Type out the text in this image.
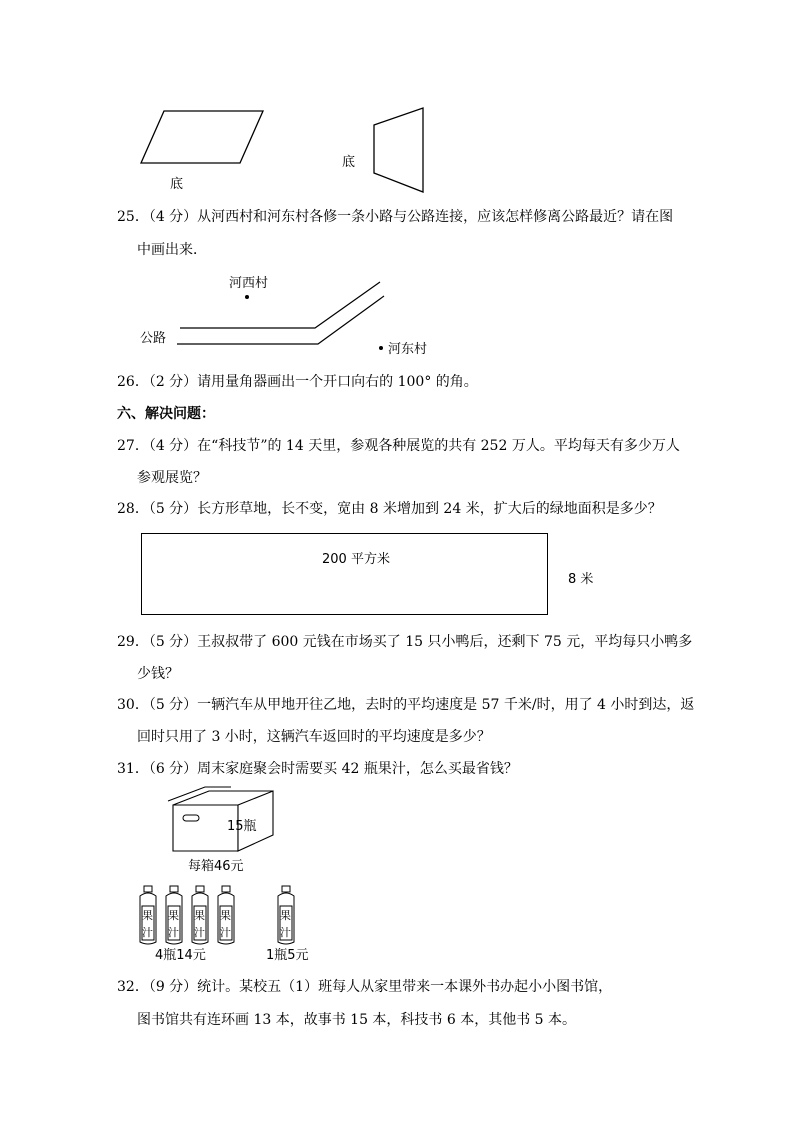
底
底
25．（4 分）从河西村和河东村各修一条小路与公路连接，应该怎样修离公路最近？请在图
中画出来．
河西村
河东村
公路
26．（2 分）请用量角器画出一个开口向右的 100° 的角。
六、解决问题：
27．（4 分）在“科技节”的 14 天里，参观各种展览的共有 252 万人。平均每天有多少万人
参观展览？
28．（5 分）长方形草地，长不变，宽由 8 米增加到 24 米，扩大后的绿地面积是多少？
200 平方米
8 米
29．（5 分）王叔叔带了 600 元钱在市场买了 15 只小鸭后，还剩下 75 元，平均每只小鸭多
少钱？
30．（5 分）一辆汽车从甲地开往乙地，去时的平均速度是 57 千米/时，用了 4 小时到达，返
回时只用了 3 小时，这辆汽车返回时的平均速度是多少？
31．（6 分）周末家庭聚会时需要买 42 瓶果汁，怎么买最省钱？
15瓶
每箱46元
果
汁
果
汁
果
汁
果
汁
果
汁
4瓶14元	1瓶5元
32．（9 分）统计。某校五（1）班每人从家里带来一本课外书办起小小图书馆，
图书馆共有连环画 13 本，故事书 15 本，科技书 6 本，其他书 5 本。
